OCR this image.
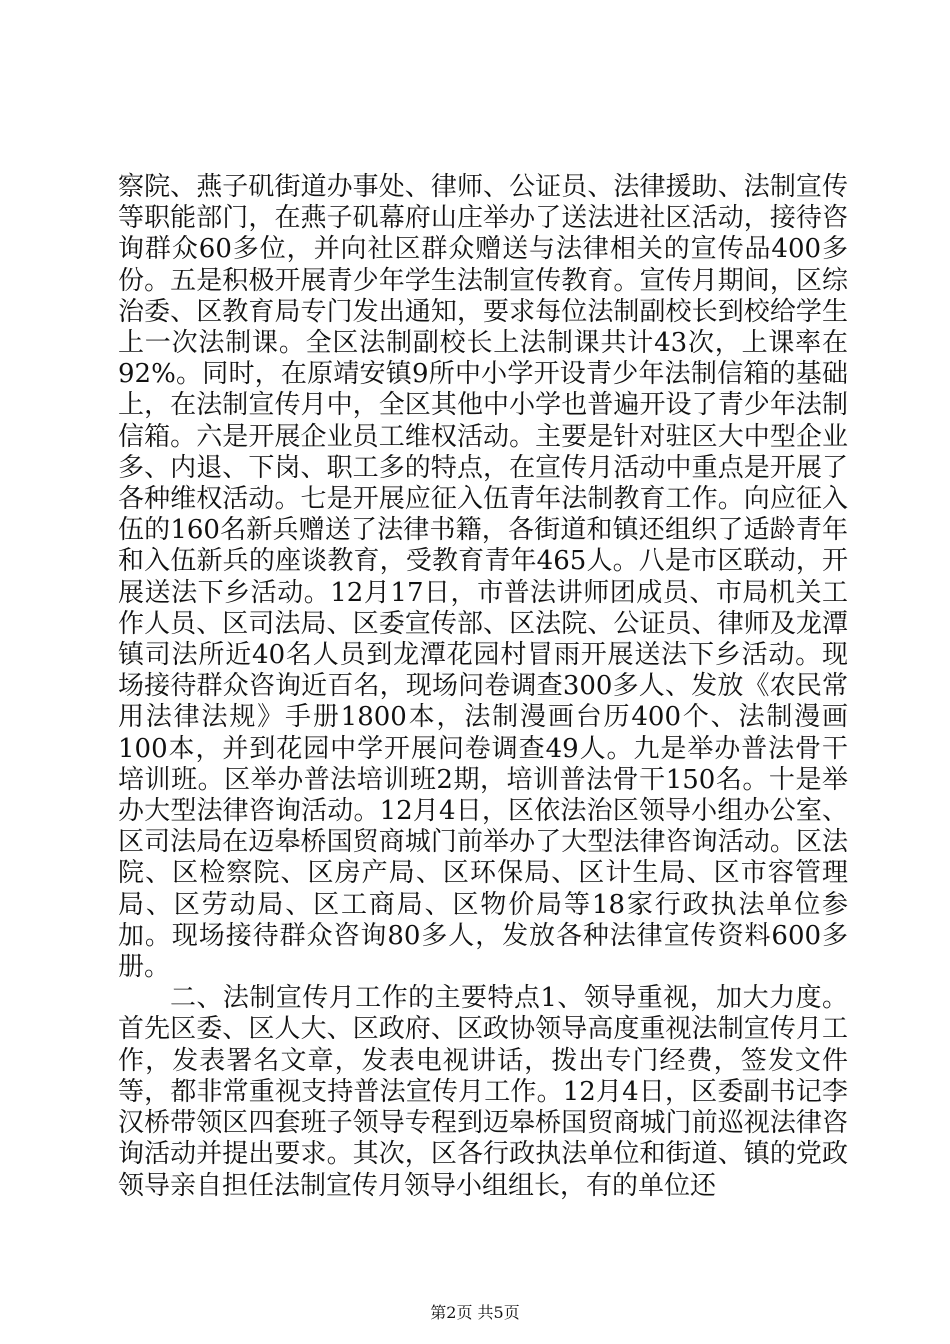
察院、燕子矶街道办事处、律师、公证员、法律援助、法制宣传等职能部门，在燕子矶幕府山庄举办了送法进社区活动，接待咨询群众60多位，并向社区群众赠送与法律相关的宣传品400多份。五是积极开展青少年学生法制宣传教育。宣传月期间，区综治委、区教育局专门发出通知，要求每位法制副校长到校给学生上一次法制课。全区法制副校长上法制课共计43次，上课率在92%。同时，在原靖安镇9所中小学开设青少年法制信箱的基础上，在法制宣传月中，全区其他中小学也普遍开设了青少年法制信箱。六是开展企业员工维权活动。主要是针对驻区大中型企业多、内退、下岗、职工多的特点，在宣传月活动中重点是开展了各种维权活动。七是开展应征入伍青年法制教育工作。向应征入伍的160名新兵赠送了法律书籍，各街道和镇还组织了适龄青年和入伍新兵的座谈教育，受教育青年465人。八是市区联动，开展送法下乡活动。12月17日，市普法讲师团成员、市局机关工作人员、区司法局、区委宣传部、区法院、公证员、律师及龙潭镇司法所近40名人员到龙潭花园村冒雨开展送法下乡活动。现场接待群众咨询近百名，现场问卷调查300多人、发放《农民常用法律法规》手册1800本，法制漫画台历400个、法制漫画100本，并到花园中学开展问卷调查49人。九是举办普法骨干培训班。区举办普法培训班2期，培训普法骨干150名。十是举办大型法律咨询活动。12月4日，区依法治区领导小组办公室、区司法局在迈皋桥国贸商城门前举办了大型法律咨询活动。区法院、区检察院、区房产局、区环保局、区计生局、区市容管理局、区劳动局、区工商局、区物价局等18家行政执法单位参加。现场接待群众咨询80多人，发放各种法律宣传资料600多册。

二、法制宣传月工作的主要特点1、领导重视，加大力度。首先区委、区人大、区政府、区政协领导高度重视法制宣传月工作，发表署名文章，发表电视讲话，拨出专门经费，签发文件等，都非常重视支持普法宣传月工作。12月4日，区委副书记李汉桥带领区四套班子领导专程到迈皋桥国贸商城门前巡视法律咨询活动并提出要求。其次，区各行政执法单位和街道、镇的党政领导亲自担任法制宣传月领导小组组长，有的单位还

第2页 共5页
